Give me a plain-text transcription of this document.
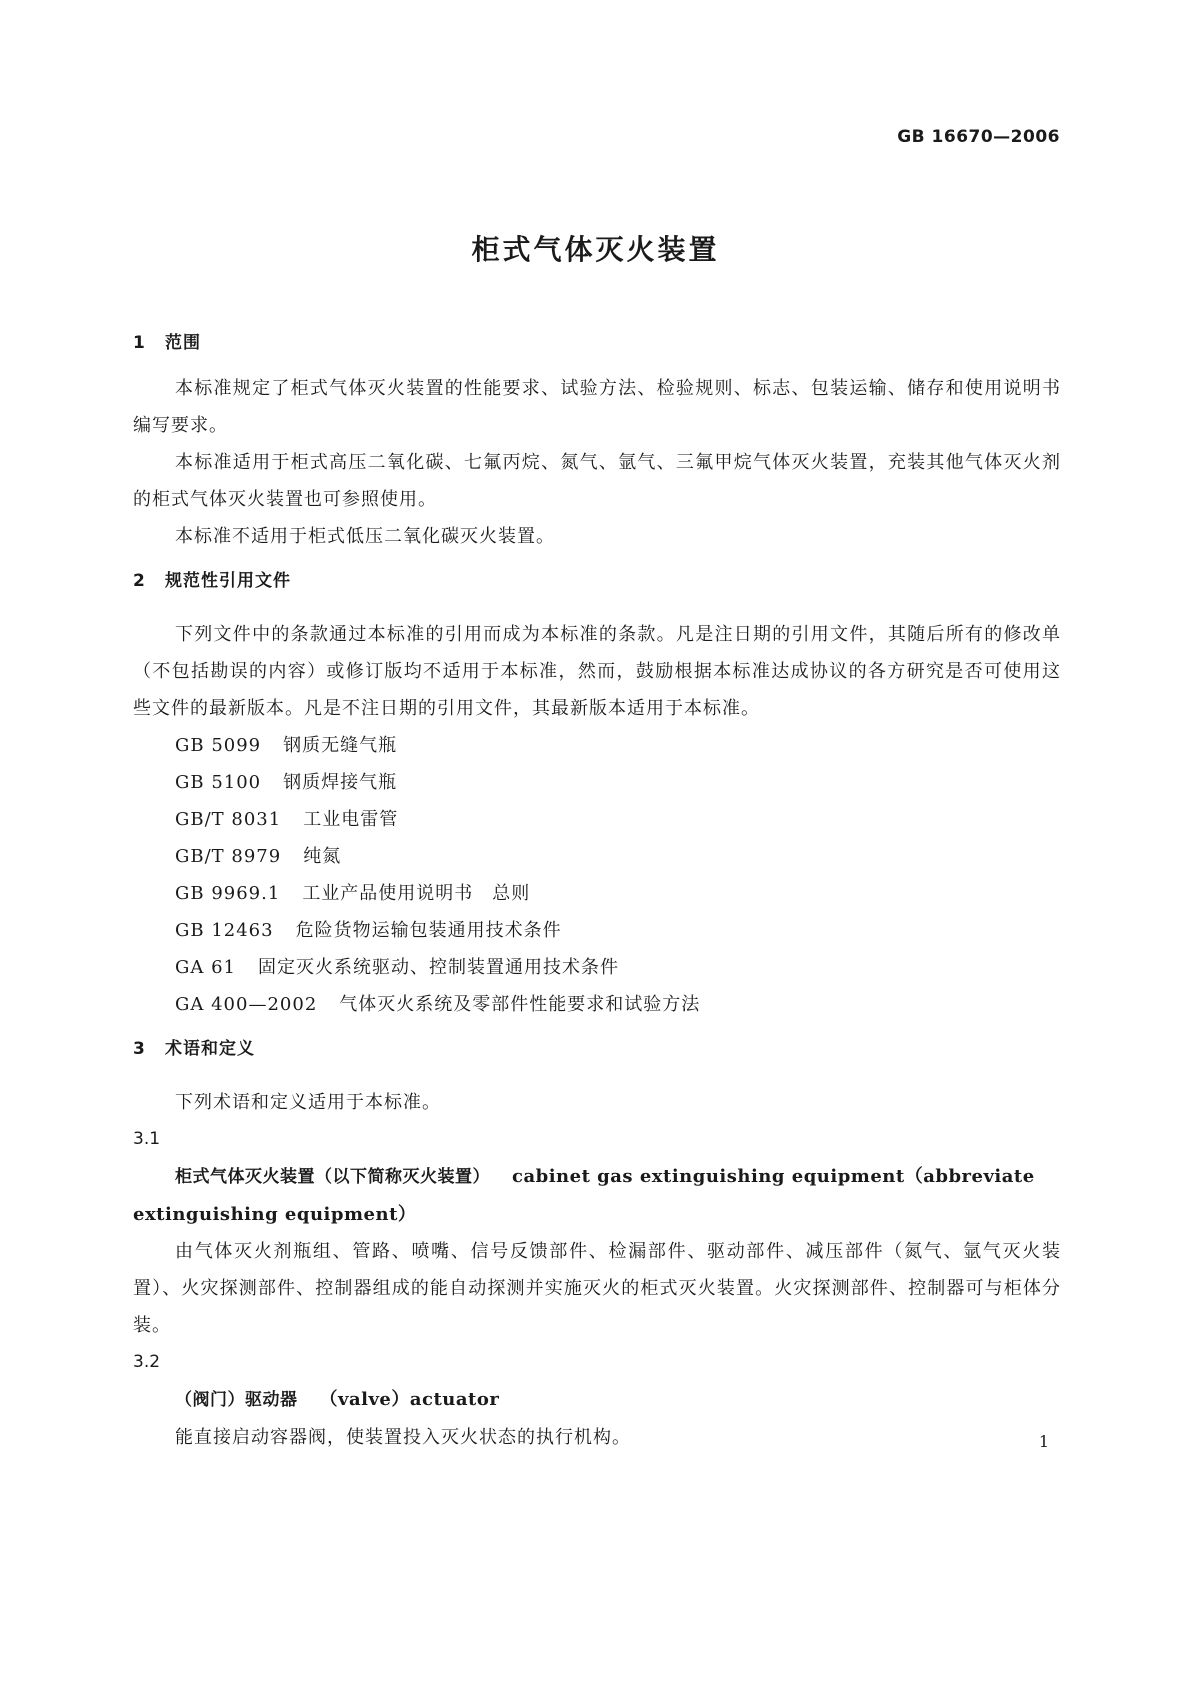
GB 16670—2006
柜式气体灭火装置
1 范围
本标准规定了柜式气体灭火装置的性能要求、试验方法、检验规则、标志、包装运输、储存和使用说明书编写要求。
本标准适用于柜式高压二氧化碳、七氟丙烷、氮气、氩气、三氟甲烷气体灭火装置，充装其他气体灭火剂的柜式气体灭火装置也可参照使用。
本标准不适用于柜式低压二氧化碳灭火装置。
2 规范性引用文件
下列文件中的条款通过本标准的引用而成为本标准的条款。凡是注日期的引用文件，其随后所有的修改单（不包括勘误的内容）或修订版均不适用于本标准，然而，鼓励根据本标准达成协议的各方研究是否可使用这些文件的最新版本。凡是不注日期的引用文件，其最新版本适用于本标准。
GB 5099 钢质无缝气瓶
GB 5100 钢质焊接气瓶
GB/T 8031 工业电雷管
GB/T 8979 纯氮
GB 9969.1 工业产品使用说明书　总则
GB 12463 危险货物运输包装通用技术条件
GA 61 固定灭火系统驱动、控制装置通用技术条件
GA 400—2002 气体灭火系统及零部件性能要求和试验方法
3 术语和定义
下列术语和定义适用于本标准。
3.1
柜式气体灭火装置（以下简称灭火装置） cabinet gas extinguishing equipment（abbreviate extinguishing equipment）
由气体灭火剂瓶组、管路、喷嘴、信号反馈部件、检漏部件、驱动部件、减压部件（氮气、氩气灭火装置）、火灾探测部件、控制器组成的能自动探测并实施灭火的柜式灭火装置。火灾探测部件、控制器可与柜体分装。
3.2
（阀门）驱动器 （valve）actuator
能直接启动容器阀，使装置投入灭火状态的执行机构。	1
